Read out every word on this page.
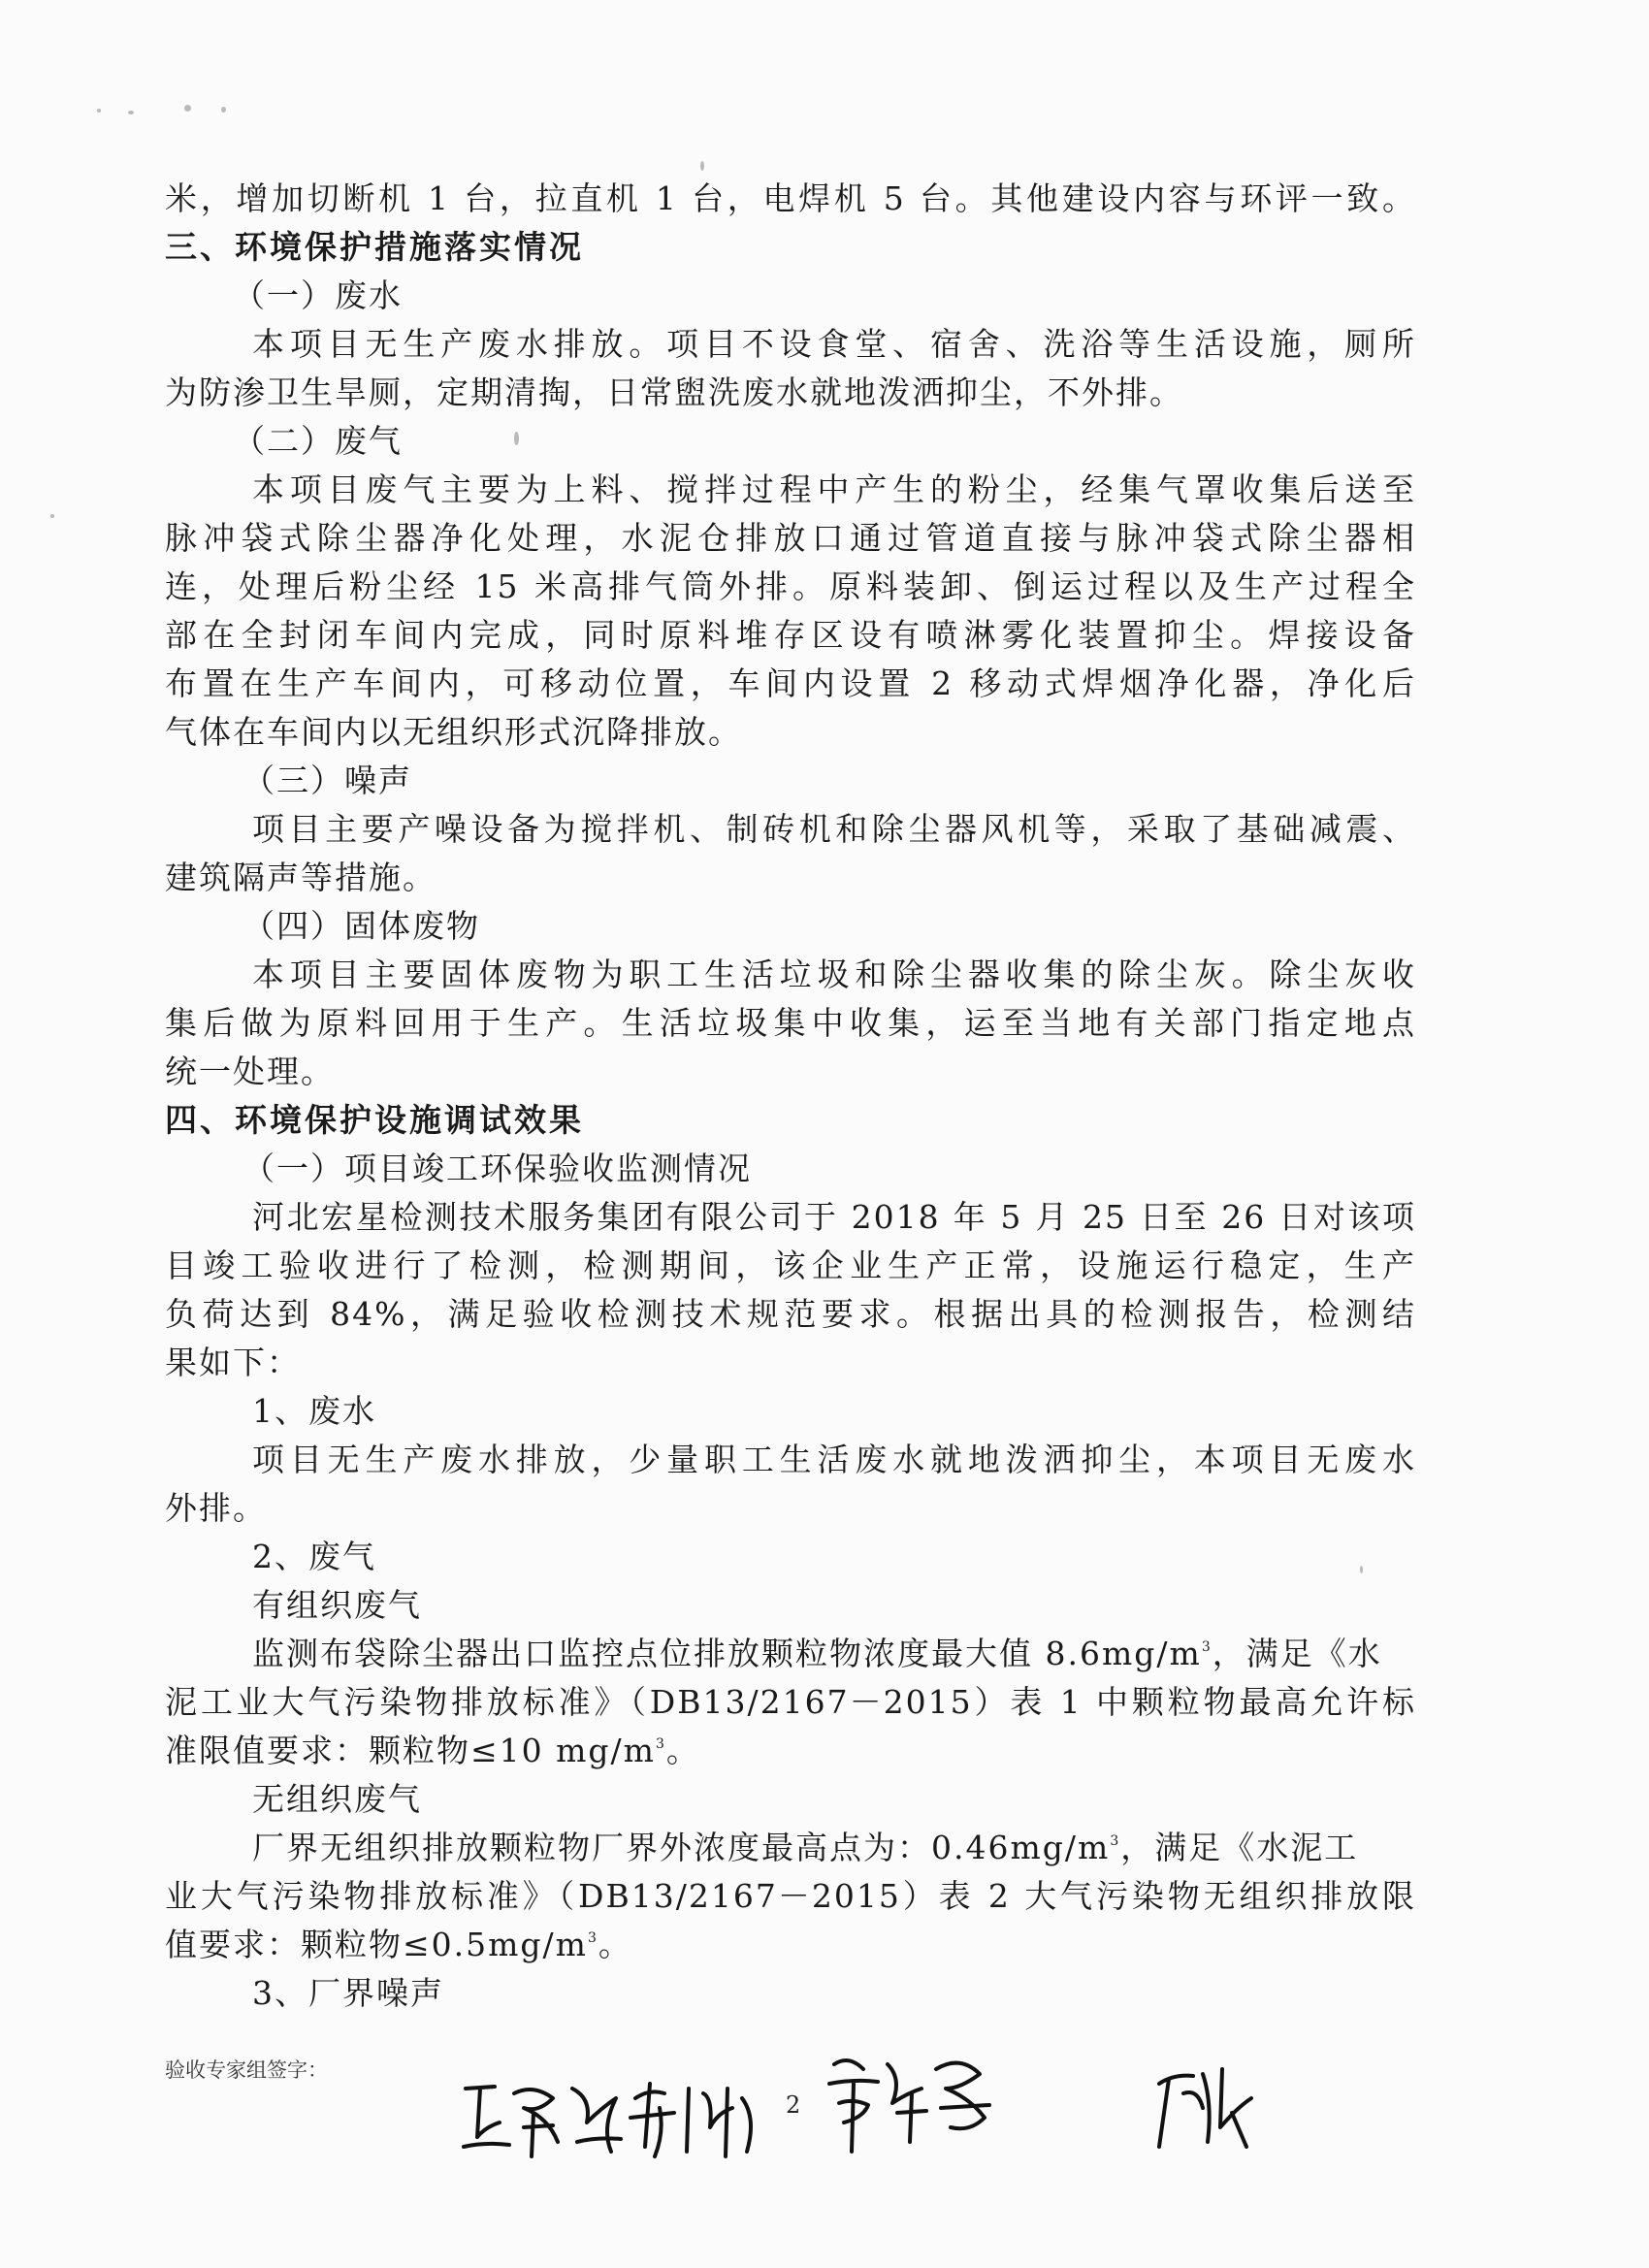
米，增加切断机 1 台，拉直机 1 台，电焊机 5 台。其他建设内容与环评一致。
三、环境保护措施落实情况
（一）废水
本项目无生产废水排放。项目不设食堂、宿舍、洗浴等生活设施，厕所
为防渗卫生旱厕，定期清掏，日常盥洗废水就地泼洒抑尘，不外排。
（二）废气
本项目废气主要为上料、搅拌过程中产生的粉尘，经集气罩收集后送至
脉冲袋式除尘器净化处理，水泥仓排放口通过管道直接与脉冲袋式除尘器相
连，处理后粉尘经 15 米高排气筒外排。原料装卸、倒运过程以及生产过程全
部在全封闭车间内完成，同时原料堆存区设有喷淋雾化装置抑尘。焊接设备
布置在生产车间内，可移动位置，车间内设置 2 移动式焊烟净化器，净化后
气体在车间内以无组织形式沉降排放。
（三）噪声
项目主要产噪设备为搅拌机、制砖机和除尘器风机等，采取了基础减震、
建筑隔声等措施。
（四）固体废物
本项目主要固体废物为职工生活垃圾和除尘器收集的除尘灰。除尘灰收
集后做为原料回用于生产。生活垃圾集中收集，运至当地有关部门指定地点
统一处理。
四、环境保护设施调试效果
（一）项目竣工环保验收监测情况
河北宏星检测技术服务集团有限公司于 2018 年 5 月 25 日至 26 日对该项
目竣工验收进行了检测，检测期间，该企业生产正常，设施运行稳定，生产
负荷达到 84%，满足验收检测技术规范要求。根据出具的检测报告，检测结
果如下：
1、废水
项目无生产废水排放，少量职工生活废水就地泼洒抑尘，本项目无废水
外排。
2、废气
有组织废气
监测布袋除尘器出口监控点位排放颗粒物浓度最大值 $8.6mg/m^3$，满足《水
泥工业大气污染物排放标准》（DB13/2167－2015）表 1 中颗粒物最高允许标
准限值要求：颗粒物≤10 $mg/m^3$。
无组织废气
厂界无组织排放颗粒物厂界外浓度最高点为：$0.46mg/m^3$，满足《水泥工
业大气污染物排放标准》（DB13/2167－2015）表 2 大气污染物无组织排放限
值要求：颗粒物$\le 0.5mg/m^3$。
3、厂界噪声
验收专家组签字：
2
